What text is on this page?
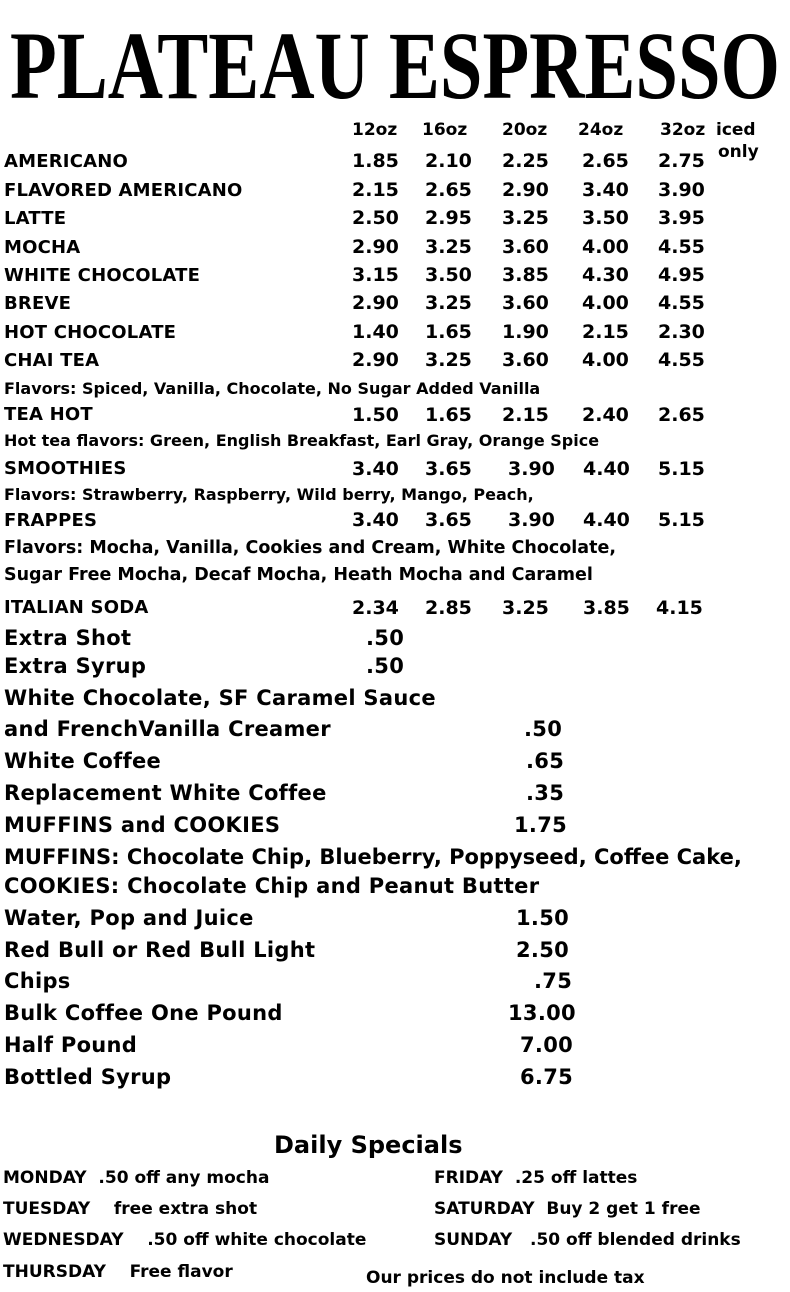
PLATEAU ESPRESSO
12oz 16oz 20oz 24oz 32oz iced
only
AMERICANO	1.85 2.10 2.25 2.65 2.75
FLAVORED AMERICANO	2.15 2.65 2.90 3.40 3.90
LATTE	2.50 2.95 3.25 3.50 3.95
MOCHA	2.90 3.25 3.60 4.00 4.55
WHITE CHOCOLATE	3.15 3.50 3.85 4.30 4.95
BREVE	2.90 3.25 3.60 4.00 4.55
HOT CHOCOLATE	1.40 1.65 1.90 2.15 2.30
CHAI TEA	2.90 3.25 3.60 4.00 4.55
Flavors: Spiced, Vanilla, Chocolate, No Sugar Added Vanilla
TEA HOT	1.50 1.65 2.15 2.40 2.65
Hot tea flavors: Green, English Breakfast, Earl Gray, Orange Spice
SMOOTHIES	3.40 3.65 3.90 4.40 5.15
Flavors: Strawberry, Raspberry, Wild berry, Mango, Peach,
FRAPPES	3.40 3.65 3.90 4.40 5.15
Flavors: Mocha, Vanilla, Cookies and Cream, White Chocolate,
Sugar Free Mocha, Decaf Mocha, Heath Mocha and Caramel
ITALIAN SODA	2.34 2.85 3.25 3.85 4.15
Extra Shot	.50
Extra Syrup	.50
White Chocolate, SF Caramel Sauce
and FrenchVanilla Creamer	.50
White Coffee	.65
Replacement White Coffee	.35
MUFFINS and COOKIES	1.75
MUFFINS: Chocolate Chip, Blueberry, Poppyseed, Coffee Cake,
COOKIES: Chocolate Chip and Peanut Butter
Water, Pop and Juice	1.50
Red Bull or Red Bull Light	2.50
Chips	.75
Bulk Coffee One Pound	13.00
Half Pound	7.00
Bottled Syrup	6.75
Daily Specials
MONDAY .50 off any mocha
TUESDAY free extra shot
WEDNESDAY .50 off white chocolate
THURSDAY Free flavor
FRIDAY .25 off lattes
SATURDAY Buy 2 get 1 free
SUNDAY .50 off blended drinks
Our prices do not include tax
